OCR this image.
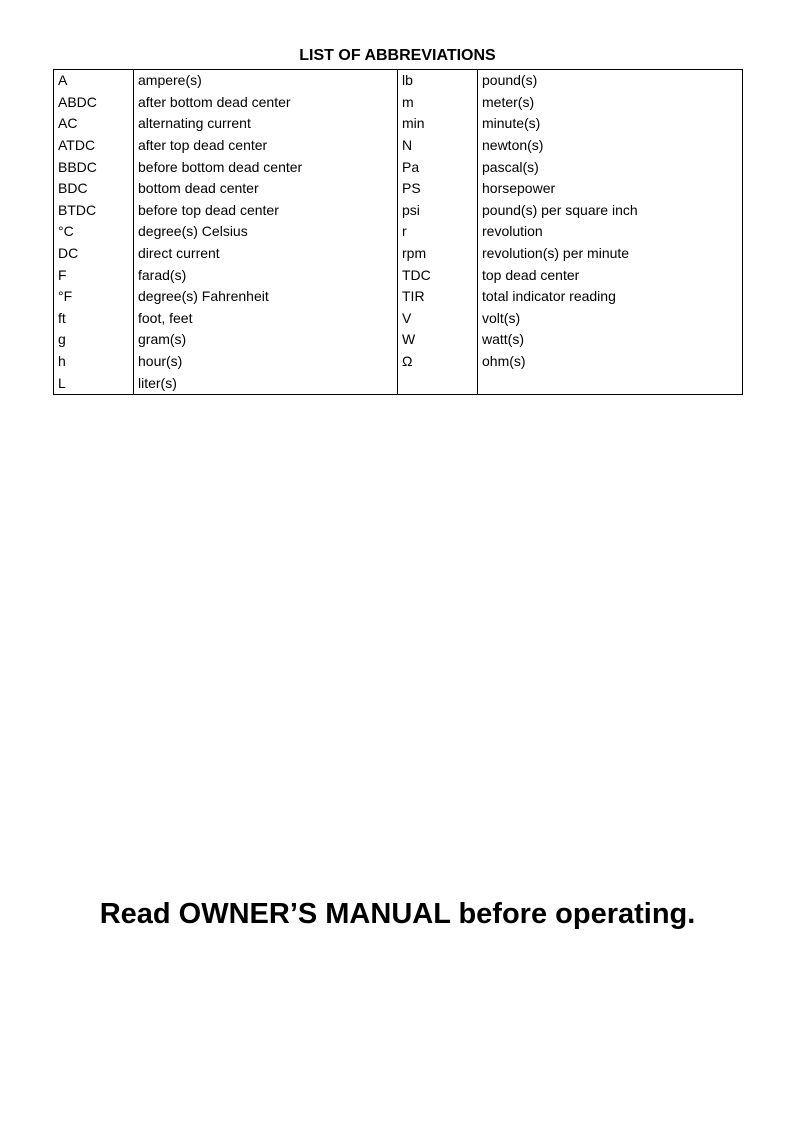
LIST OF ABBREVIATIONS
A	ampere(s)	lb	pound(s)
ABDC	after bottom dead center	m	meter(s)
AC	alternating current	min	minute(s)
ATDC	after top dead center	N	newton(s)
BBDC	before bottom dead center	Pa	pascal(s)
BDC	bottom dead center	PS	horsepower
BTDC	before top dead center	psi	pound(s) per square inch
°C	degree(s) Celsius	r	revolution
DC	direct current	rpm	revolution(s) per minute
F	farad(s)	TDC	top dead center
°F	degree(s) Fahrenheit	TIR	total indicator reading
ft	foot, feet	V	volt(s)
g	gram(s)	W	watt(s)
h	hour(s)	Ω	ohm(s)
L	liter(s)		
Read OWNER’S MANUAL before operating.
